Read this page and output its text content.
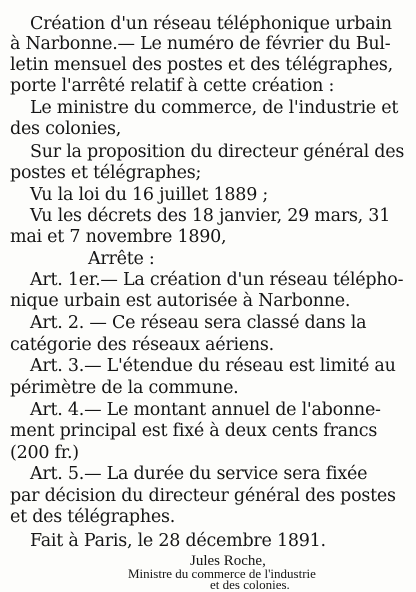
Création d'un réseau téléphonique urbain
à Narbonne.— Le numéro de février du Bul-
letin mensuel des postes et des télégraphes,
porte l'arrêté relatif à cette création :
Le ministre du commerce, de l'industrie et
des colonies,
Sur la proposition du directeur général des
postes et télégraphes;
Vu la loi du 16 juillet 1889 ;
Vu les décrets des 18 janvier, 29 mars, 31
mai et 7 novembre 1890,
Arrête :
Art. 1er.— La création d'un réseau télépho-
nique urbain est autorisée à Narbonne.
Art. 2. — Ce réseau sera classé dans la
catégorie des réseaux aériens.
Art. 3.— L'étendue du réseau est limité au
périmètre de la commune.
Art. 4.— Le montant annuel de l'abonne-
ment principal est fixé à deux cents francs
(200 fr.)
Art. 5.— La durée du service sera fixée
par décision du directeur général des postes
et des télégraphes.
Fait à Paris, le 28 décembre 1891.
Jules Roche,
Ministre du commerce de l'industrie
et des colonies.
